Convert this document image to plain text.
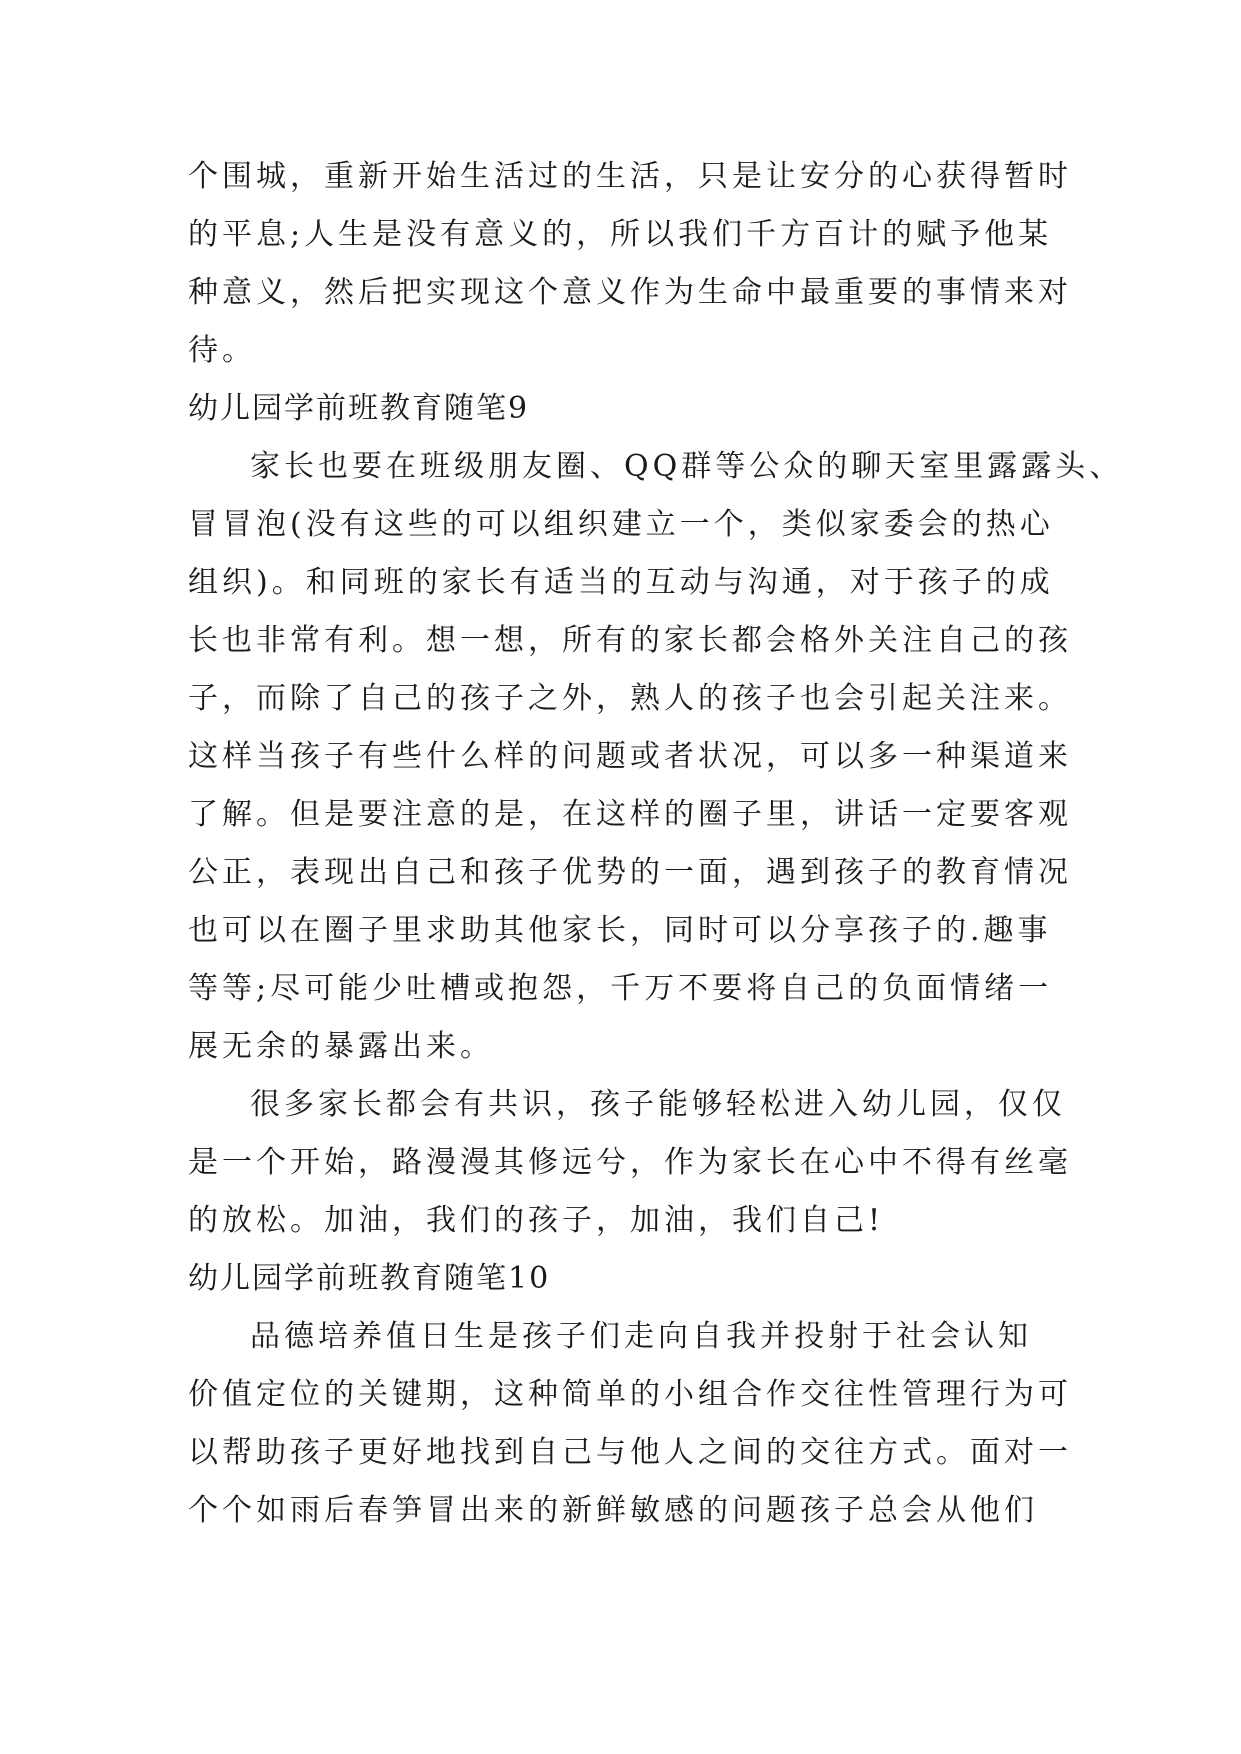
个围城，重新开始生活过的生活，只是让安分的心获得暂时
的平息;人生是没有意义的，所以我们千方百计的赋予他某
种意义，然后把实现这个意义作为生命中最重要的事情来对
待。
幼儿园学前班教育随笔9
家长也要在班级朋友圈、QQ群等公众的聊天室里露露头、
冒冒泡(没有这些的可以组织建立一个，类似家委会的热心
组织)。和同班的家长有适当的互动与沟通，对于孩子的成
长也非常有利。想一想，所有的家长都会格外关注自己的孩
子，而除了自己的孩子之外，熟人的孩子也会引起关注来。
这样当孩子有些什么样的问题或者状况，可以多一种渠道来
了解。但是要注意的是，在这样的圈子里，讲话一定要客观
公正，表现出自己和孩子优势的一面，遇到孩子的教育情况
也可以在圈子里求助其他家长，同时可以分享孩子的.趣事
等等;尽可能少吐槽或抱怨，千万不要将自己的负面情绪一
展无余的暴露出来。
很多家长都会有共识，孩子能够轻松进入幼儿园，仅仅
是一个开始，路漫漫其修远兮，作为家长在心中不得有丝毫
的放松。加油，我们的孩子，加油，我们自己!
幼儿园学前班教育随笔10
品德培养值日生是孩子们走向自我并投射于社会认知
价值定位的关键期，这种简单的小组合作交往性管理行为可
以帮助孩子更好地找到自己与他人之间的交往方式。面对一
个个如雨后春笋冒出来的新鲜敏感的问题孩子总会从他们
